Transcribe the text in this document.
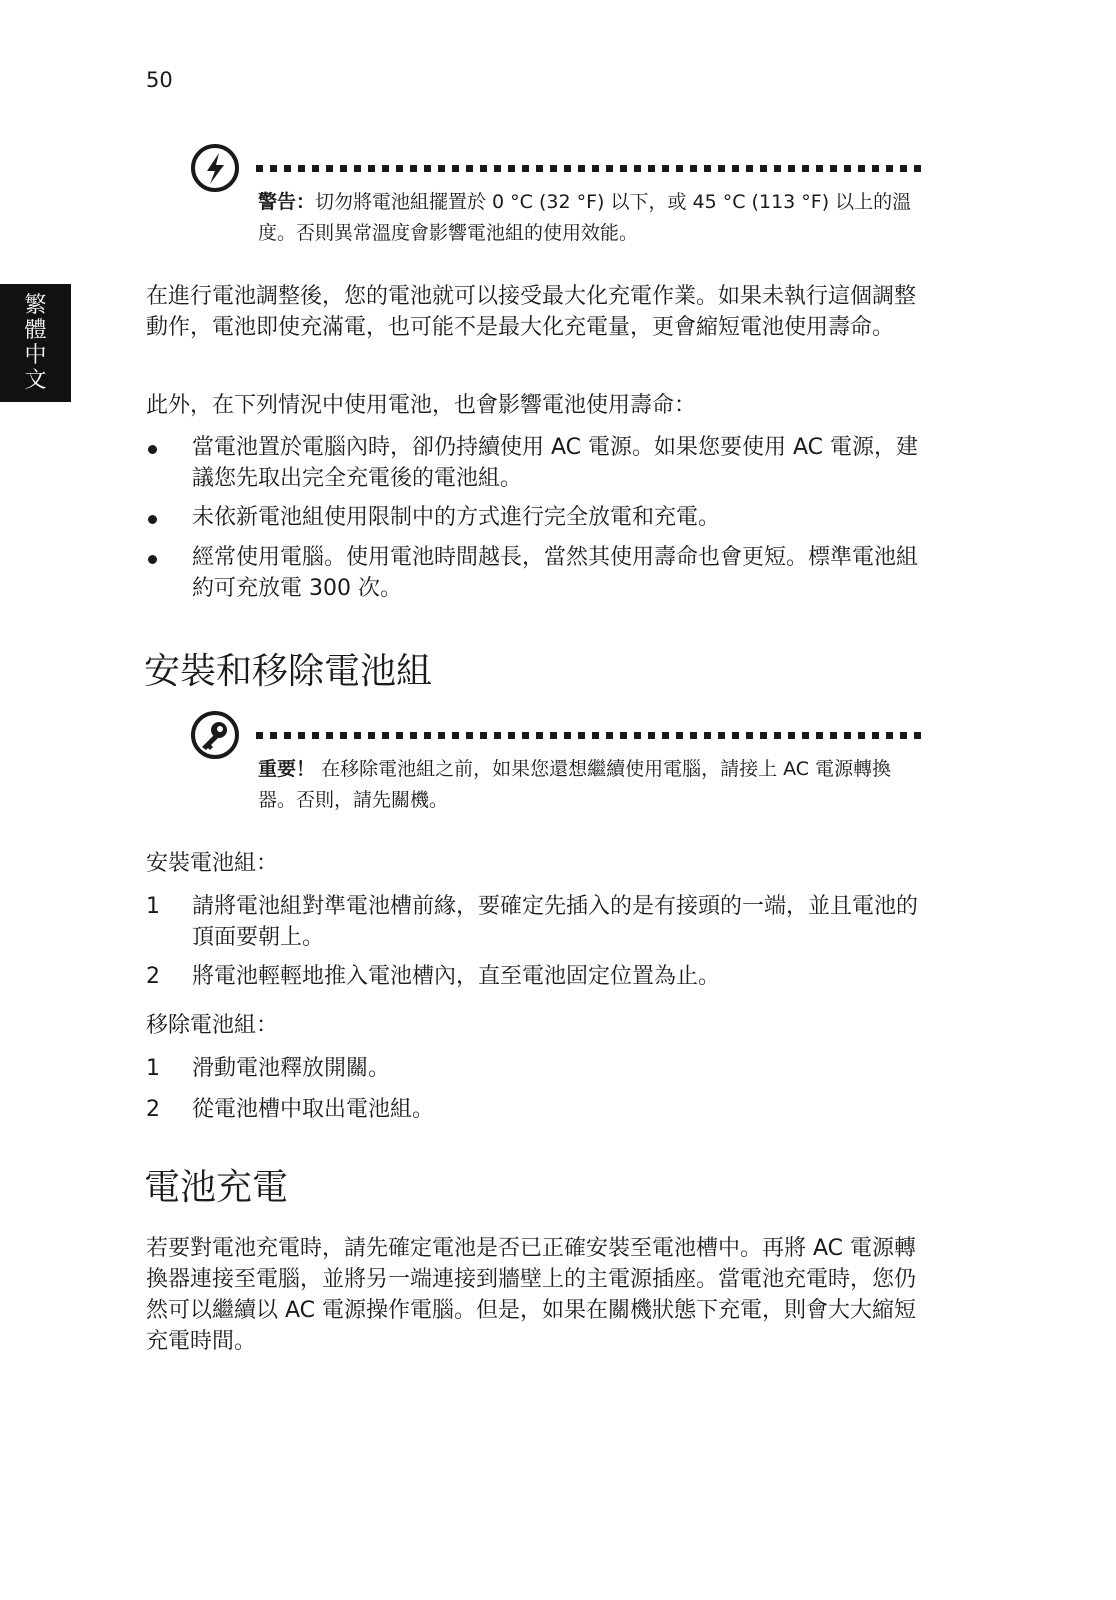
50
繁
體
中
文
警告：切勿將電池組擺置於 0 °C (32 °F) 以下，或 45 °C (113 °F) 以上的溫度。否則異常溫度會影響電池組的使用效能。
在進行電池調整後，您的電池就可以接受最大化充電作業。如果未執行這個調整動作，電池即使充滿電，也可能不是最大化充電量，更會縮短電池使用壽命。
此外，在下列情況中使用電池，也會影響電池使用壽命：
當電池置於電腦內時，卻仍持續使用 AC 電源。如果您要使用 AC 電源，建議您先取出完全充電後的電池組。
未依新電池組使用限制中的方式進行完全放電和充電。
經常使用電腦。使用電池時間越長，當然其使用壽命也會更短。標準電池組約可充放電 300 次。
安裝和移除電池組
重要！ 在移除電池組之前，如果您還想繼續使用電腦，請接上 AC 電源轉換器。否則，請先關機。
安裝電池組：
1	請將電池組對準電池槽前緣，要確定先插入的是有接頭的一端，並且電池的頂面要朝上。
2	將電池輕輕地推入電池槽內，直至電池固定位置為止。
移除電池組：
1	滑動電池釋放開關。
2	從電池槽中取出電池組。
電池充電
若要對電池充電時，請先確定電池是否已正確安裝至電池槽中。再將 AC 電源轉換器連接至電腦，並將另一端連接到牆壁上的主電源插座。當電池充電時，您仍然可以繼續以 AC 電源操作電腦。但是，如果在關機狀態下充電，則會大大縮短充電時間。
